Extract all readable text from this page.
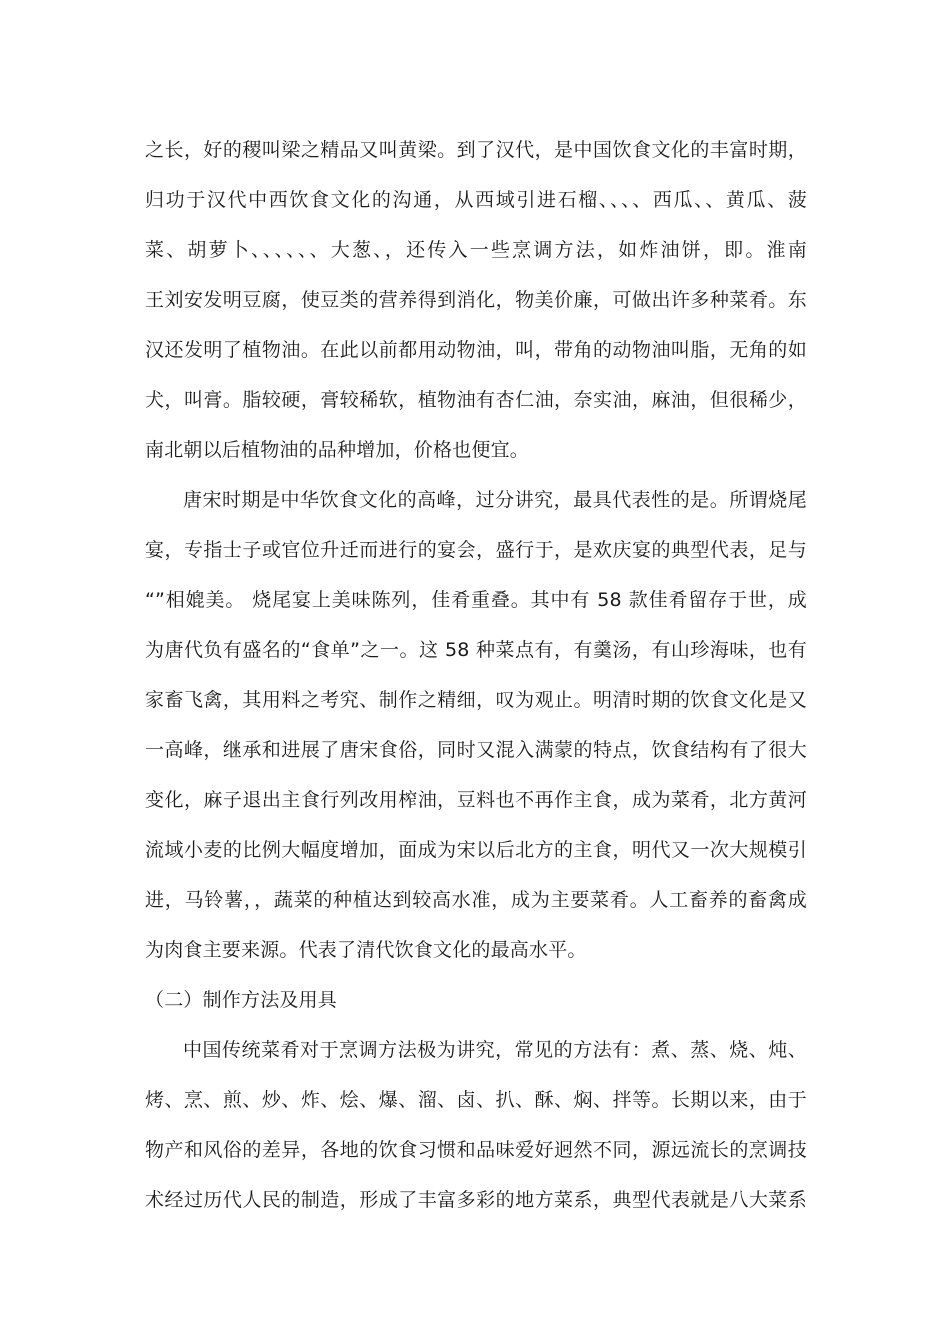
之长，好的稷叫梁之精品又叫黄梁。到了汉代，是中国饮食文化的丰富时期，
归功于汉代中西饮食文化的沟通，从西域引进石榴、、、、西瓜、、黄瓜、菠
菜、胡萝卜、、、、、、大葱、，还传入一些烹调方法，如炸油饼，即。淮南
王刘安发明豆腐，使豆类的营养得到消化，物美价廉，可做出许多种菜肴。东
汉还发明了植物油。在此以前都用动物油，叫，带角的动物油叫脂，无角的如
犬，叫膏。脂较硬，膏较稀软，植物油有杏仁油，奈实油，麻油，但很稀少，
南北朝以后植物油的品种增加，价格也便宜。
唐宋时期是中华饮食文化的高峰，过分讲究，最具代表性的是。所谓烧尾
宴，专指士子或官位升迁而进行的宴会，盛行于，是欢庆宴的典型代表，足与
“”相媲美。 烧尾宴上美味陈列，佳肴重叠。其中有 58 款佳肴留存于世，成
为唐代负有盛名的“食单”之一。这 58 种菜点有，有羹汤，有山珍海味，也有
家畜飞禽，其用料之考究、制作之精细，叹为观止。明清时期的饮食文化是又
一高峰，继承和进展了唐宋食俗，同时又混入满蒙的特点，饮食结构有了很大
变化，麻子退出主食行列改用榨油，豆料也不再作主食，成为菜肴，北方黄河
流域小麦的比例大幅度增加，面成为宋以后北方的主食，明代又一次大规模引
进，马铃薯，，蔬菜的种植达到较高水准，成为主要菜肴。人工畜养的畜禽成
为肉食主要来源。代表了清代饮食文化的最高水平。
（二）制作方法及用具
中国传统菜肴对于烹调方法极为讲究，常见的方法有：煮、蒸、烧、炖、
烤、烹、煎、炒、炸、烩、爆、溜、卤、扒、酥、焖、拌等。长期以来，由于
物产和风俗的差异，各地的饮食习惯和品味爱好迥然不同，源远流长的烹调技
术经过历代人民的制造，形成了丰富多彩的地方菜系，典型代表就是八大菜系
